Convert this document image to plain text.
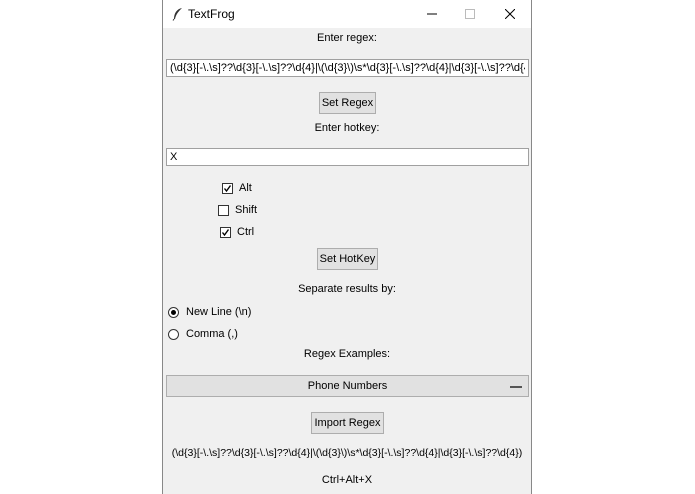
TextFrog
Enter regex:
(\d{3}[-\.\s]??\d{3}[-\.\s]??\d{4}|\(\d{3}\)\s*\d{3}[-\.\s]??\d{4}|\d{3}[-\.\s]??\d{4})
Set Regex
Enter hotkey:
X
Alt
Shift
Ctrl
Set HotKey
Separate results by:
New Line (\n)
Comma (,)
Regex Examples:
Phone Numbers
Import Regex
(\d{3}[-\.\s]??\d{3}[-\.\s]??\d{4}|\(\d{3}\)\s*\d{3}[-\.\s]??\d{4}|\d{3}[-\.\s]??\d{4})
Ctrl+Alt+X
